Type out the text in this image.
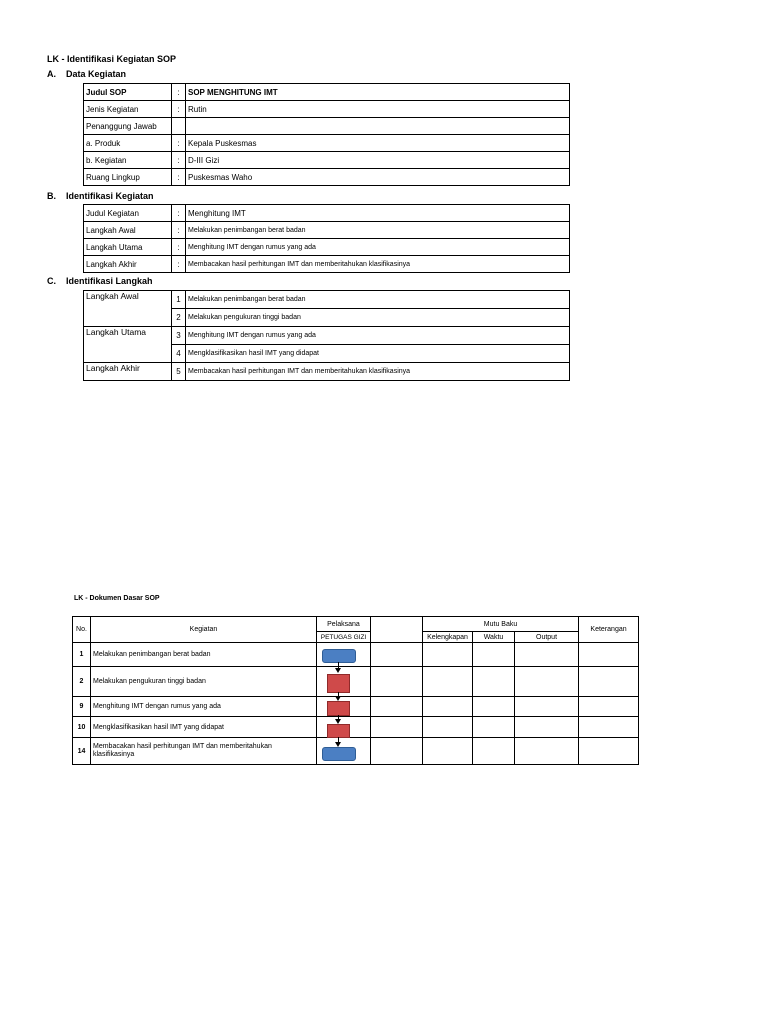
LK - Identifikasi Kegiatan SOP
A. Data Kegiatan
Judul SOP	:	SOP MENGHITUNG IMT
Jenis Kegiatan	:	Rutin
Penanggung Jawab		
a. Produk	:	Kepala Puskesmas
b. Kegiatan	:	D-III Gizi
Ruang Lingkup	:	Puskesmas Waho
B. Identifikasi Kegiatan
Judul Kegiatan	:	Menghitung IMT
Langkah Awal	:	Melakukan penimbangan berat badan
Langkah Utama	:	Menghitung IMT dengan rumus yang ada
Langkah Akhir	:	Membacakan hasil perhitungan IMT dan memberitahukan klasifikasinya
C. Identifikasi Langkah
Langkah Awal	1	Melakukan penimbangan berat badan
	2	Melakukan pengukuran tinggi badan
Langkah Utama	3	Menghitung IMT dengan rumus yang ada
	4	Mengklasifikasikan hasil IMT yang didapat
Langkah Akhir	5	Membacakan hasil perhitungan IMT dan memberitahukan klasifikasinya
LK - Dokumen Dasar SOP
No.	Kegiatan	Pelaksana		Mutu Baku			Keterangan
		PETUGAS GIZI		Kelengkapan	Waktu	Output	
1	Melakukan penimbangan berat badan						
2	Melakukan pengukuran tinggi badan						
9	Menghitung IMT dengan rumus yang ada						
10	Mengklasifikasikan hasil IMT yang didapat						
14	Membacakan hasil perhitungan IMT dan memberitahukan klasifikasinya						
